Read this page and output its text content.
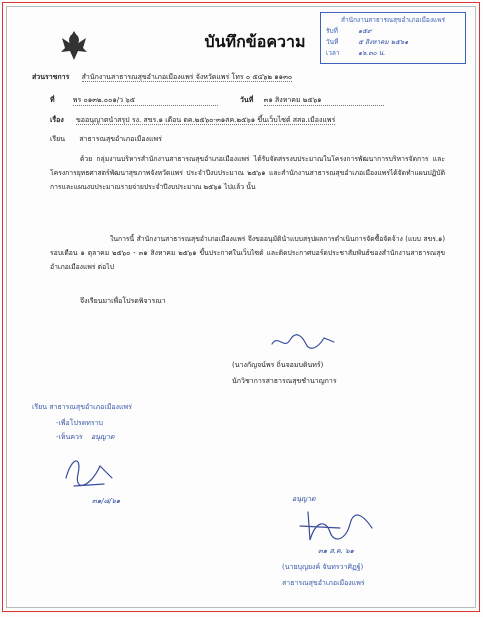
บันทึกข้อความ
สำนักงานสาธารณสุขอำเภอเมืองแพร่
รับที่	๑๕๙
วันที่	๕ สิงหาคม ๒๕๖๑
เวลา	๑๖.๓๐ น.
ส่วนราชการ สำนักงานสาธารณสุขอำเภอเมืองแพร่ จังหวัดแพร่ โทร ๐ ๕๔๖๒ ๑๑๓๐
ที่	พร ๐๑๓๒.๐๐๑/ว ๖๕	วันที่ ๓๑ สิงหาคม ๒๕๖๑
เรื่อง ขออนุญาตนำสรุป รง. สขร.๑ เดือน ตค.๒๕๖๐-๓๑สค.๒๕๖๑ ขึ้นเว็บไซต์ สสอ.เมืองแพร่
เรียน สาธารณสุขอำเภอเมืองแพร่
ด้วย กลุ่มงานบริหารสำนักงานสาธารณสุขอำเภอเมืองแพร่ ได้รับจัดสรรงบประมาณในโครงการพัฒนาการบริหารจัดการ และ โครงการยุทธศาสตร์พัฒนาสุขภาพจังหวัดแพร่ ประจำปีงบประมาณ ๒๕๖๑ และสำนักงานสาธารณสุขอำเภอเมืองแพร่ได้จัดทำแผนปฏิบัติการและแผนงบประมาณรายจ่ายประจำปีงบประมาณ ๒๕๖๑ ไปแล้ว นั้น
ในการนี้ สำนักงานสาธารณสุขอำเภอเมืองแพร่ จึงขออนุมัตินำแบบสรุปผลการดำเนินการจัดซื้อจัดจ้าง (แบบ สขร.๑) รอบเดือน ๑ ตุลาคม ๒๕๖๐ - ๓๑ สิงหาคม ๒๕๖๑ ขึ้นประกาศในเว็บไซต์ และติดประกาศบอร์ดประชาสัมพันธ์ของสำนักงานสาธารณสุขอำเภอเมืองแพร่ ต่อไป
จึงเรียนมาเพื่อโปรดพิจารณา
(นางกัญจน์พร ถิ่นจอมบดินทร์)
นักวิชาการสาธารณสุขชำนาญการ
เรียน สาธารณสุขอำเภอเมืองแพร่
-เพื่อโปรดทราบ
-เห็นควร อนุญาต
๓๑/๘/๖๑	อนุญาต
๓๑ ส.ค. ๖๑
(นายบุญยงค์ จันทรวาศิฏฐ์)
สาธารณสุขอำเภอเมืองแพร่
